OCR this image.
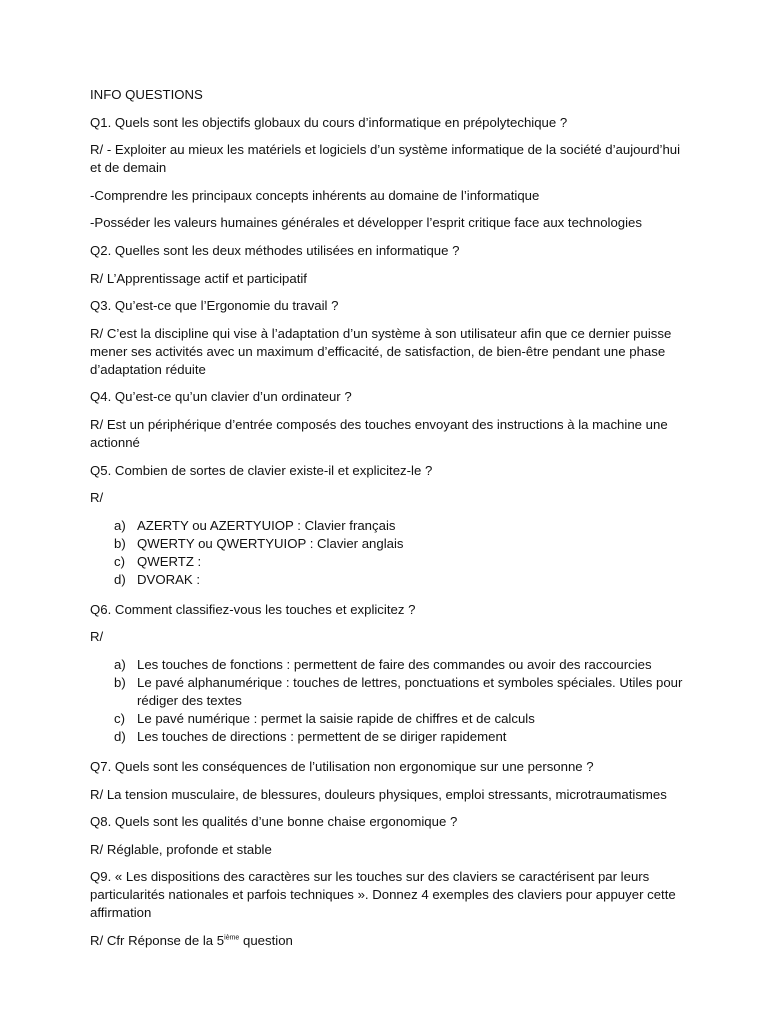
INFO QUESTIONS

Q1. Quels sont les objectifs globaux du cours d’informatique en prépolytechique ?

R/ - Exploiter au mieux les matériels et logiciels d’un système informatique de la société d’aujourd’hui et de demain

-Comprendre les principaux concepts inhérents au domaine de l’informatique

-Posséder les valeurs humaines générales et développer l’esprit critique face aux technologies

Q2. Quelles sont les deux méthodes utilisées en informatique ?

R/ L’Apprentissage actif et participatif

Q3. Qu’est-ce que l’Ergonomie du travail ?

R/ C’est la discipline qui vise à l’adaptation d’un système à son utilisateur afin que ce dernier puisse mener ses activités avec un maximum d’efficacité, de satisfaction, de bien-être pendant une phase d’adaptation réduite

Q4. Qu’est-ce qu’un clavier d’un ordinateur ?

R/ Est un périphérique d’entrée composés des touches envoyant des instructions à la machine une actionné

Q5. Combien de sortes de clavier existe-il et explicitez-le ?

R/

a) AZERTY ou AZERTYUIOP : Clavier français
b) QWERTY ou QWERTYUIOP : Clavier anglais
c) QWERTZ :
d) DVORAK :

Q6. Comment classifiez-vous les touches et explicitez ?

R/

a) Les touches de fonctions : permettent de faire des commandes ou avoir des raccourcies
b) Le pavé alphanumérique : touches de lettres, ponctuations et symboles spéciales. Utiles pour rédiger des textes
c) Le pavé numérique : permet la saisie rapide de chiffres et de calculs
d) Les touches de directions : permettent de se diriger rapidement

Q7. Quels sont les conséquences de l’utilisation non ergonomique sur une personne ?

R/ La tension musculaire, de blessures, douleurs physiques, emploi stressants, microtraumatismes

Q8. Quels sont les qualités d’une bonne chaise ergonomique ?

R/ Réglable, profonde et stable

Q9. « Les dispositions des caractères sur les touches sur des claviers se caractérisent par leurs particularités nationales et parfois techniques ». Donnez 4 exemples des claviers pour appuyer cette affirmation

R/ Cfr Réponse de la 5ième question
